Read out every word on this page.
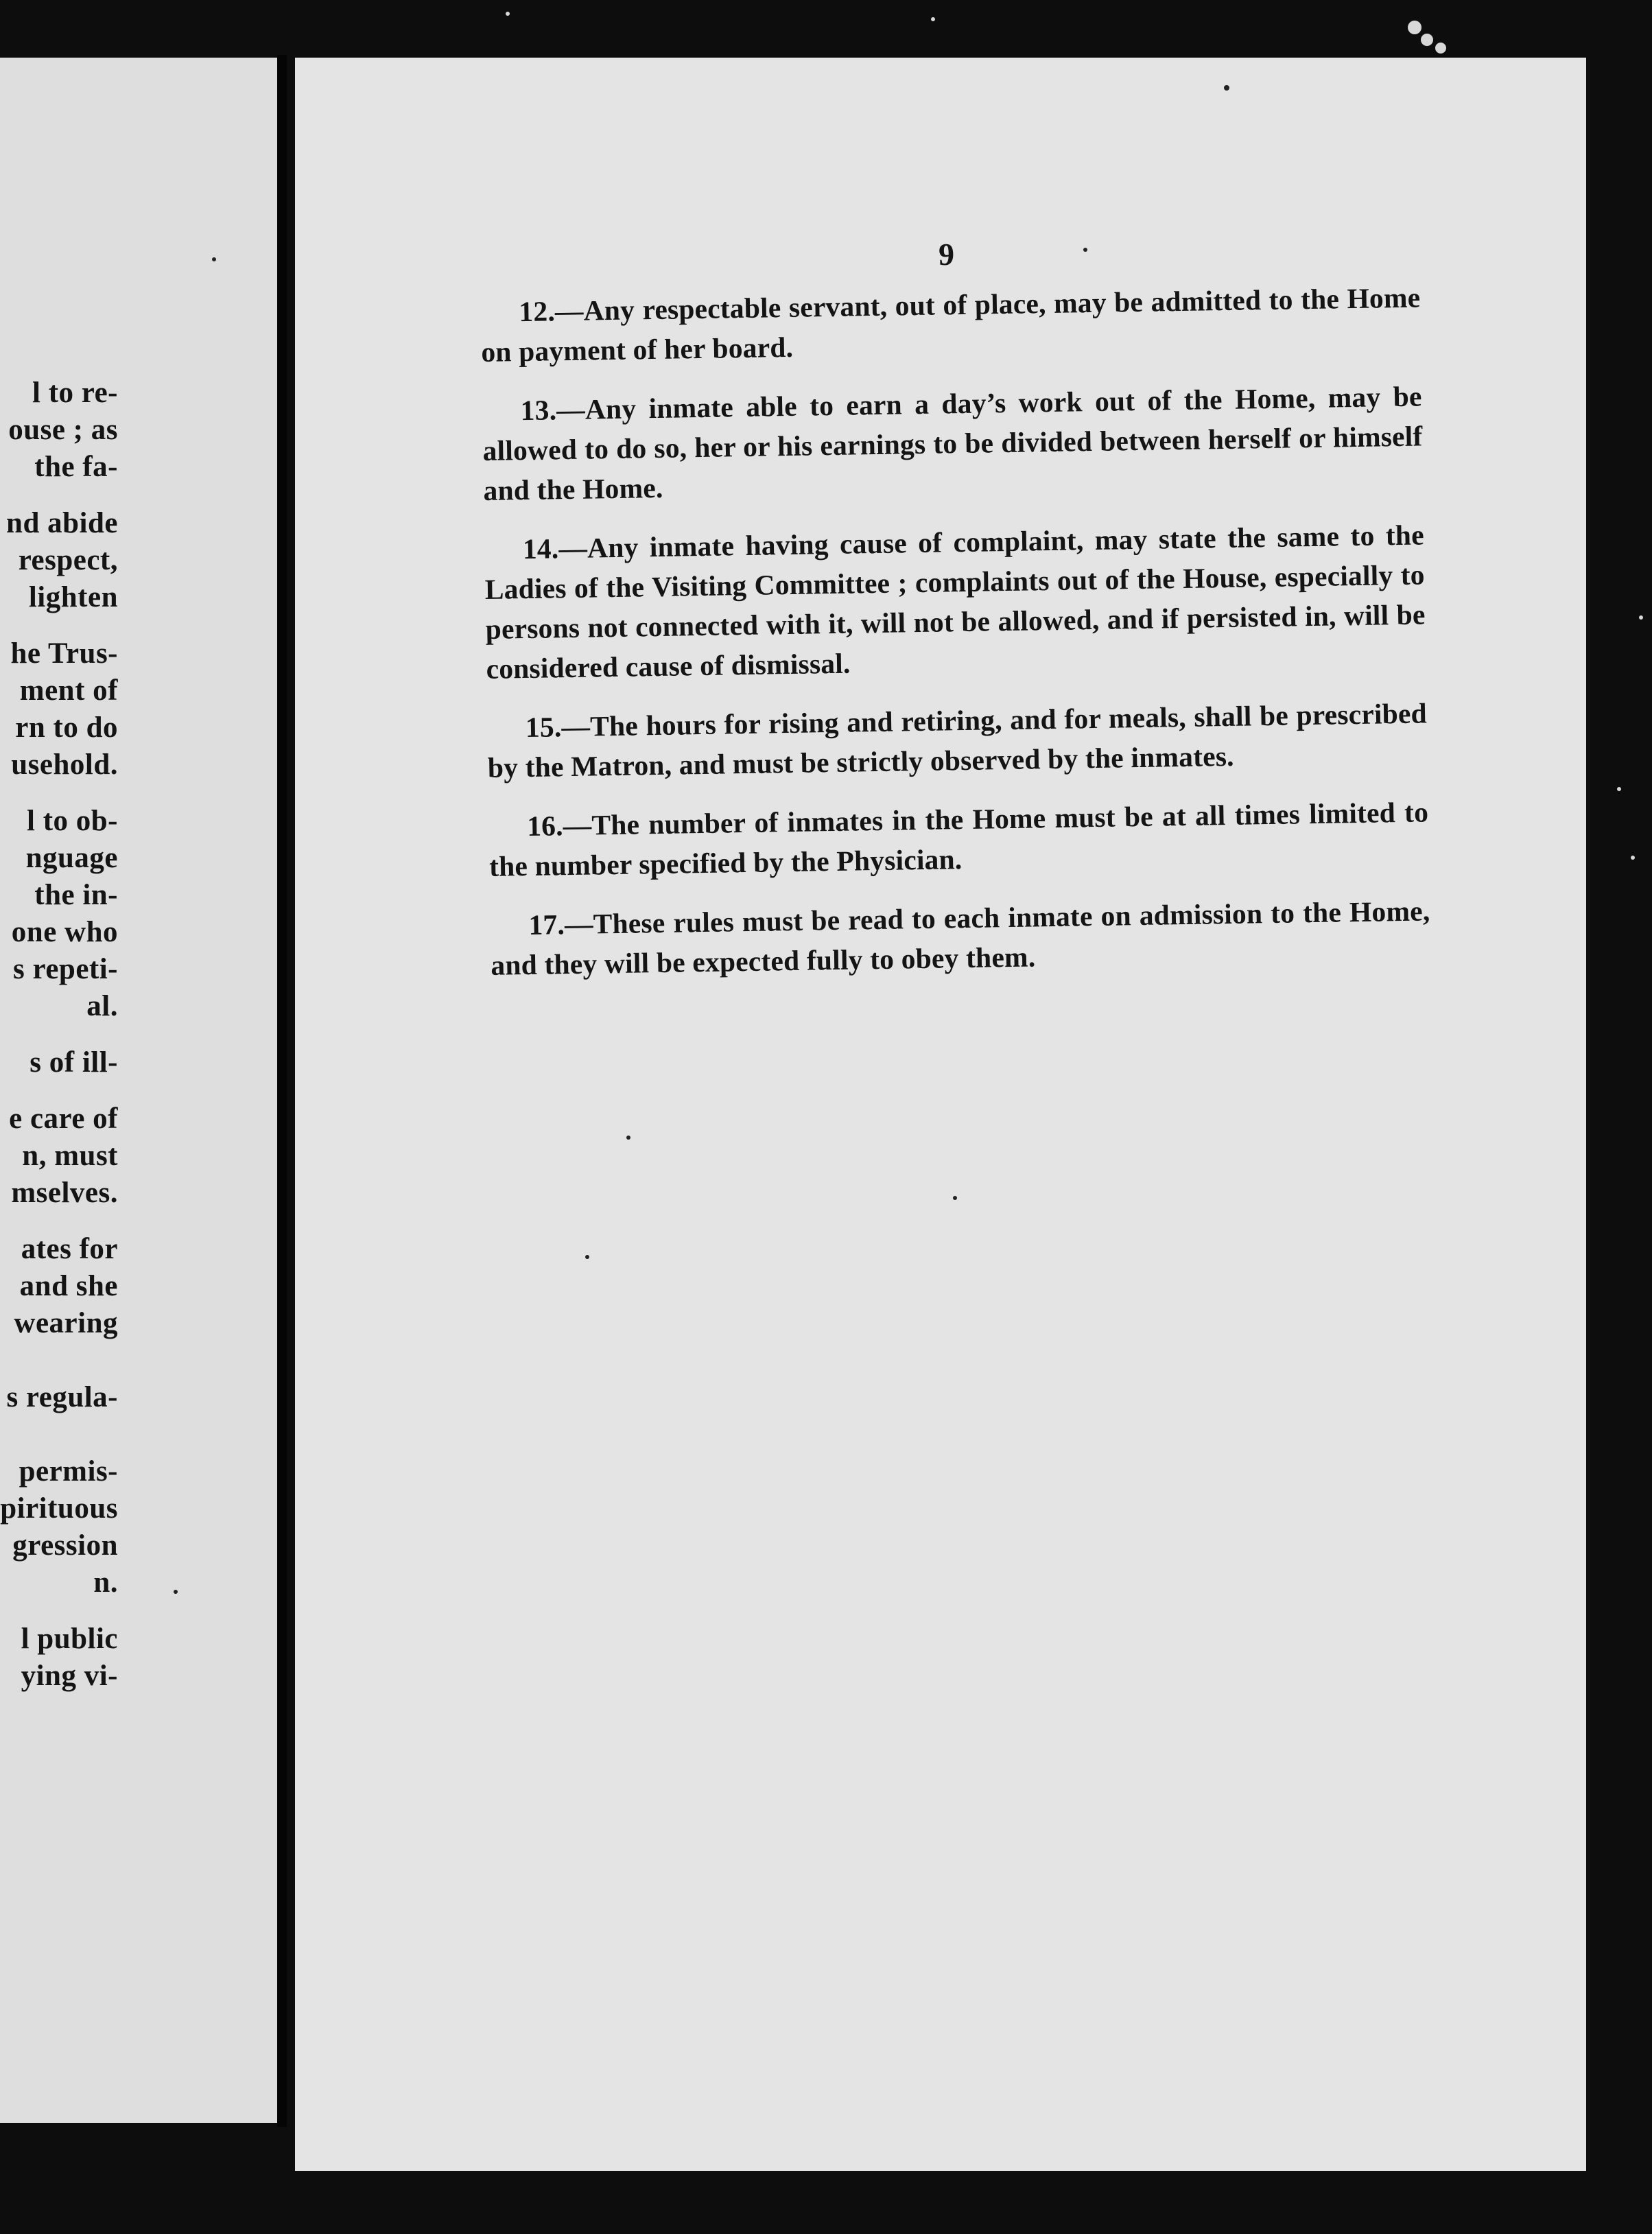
l to re-
ouse ; as
the fa-
nd abide
respect,
lighten
he Trus-
ment of
rn to do
usehold.
l to ob-
nguage
the in-
one who
s repeti-
al.
s of ill-
e care of
n, must
mselves.
ates for
and she
wearing
s regula-
permis-
pirituous
gression
n.
l public
ying vi-
9
12.—Any respectable servant, out of place, may be admitted to the Home on payment of her board.
13.—Any inmate able to earn a day’s work out of the Home, may be allowed to do so, her or his earnings to be divided between herself or himself and the Home.
14.—Any inmate having cause of complaint, may state the same to the Ladies of the Visiting Committee ; complaints out of the House, especially to persons not connected with it, will not be allowed, and if persisted in, will be considered cause of dismissal.
15.—The hours for rising and retiring, and for meals, shall be prescribed by the Matron, and must be strictly observed by the inmates.
16.—The number of inmates in the Home must be at all times limited to the number specified by the Physician.
17.—These rules must be read to each inmate on admission to the Home, and they will be expected fully to obey them.
